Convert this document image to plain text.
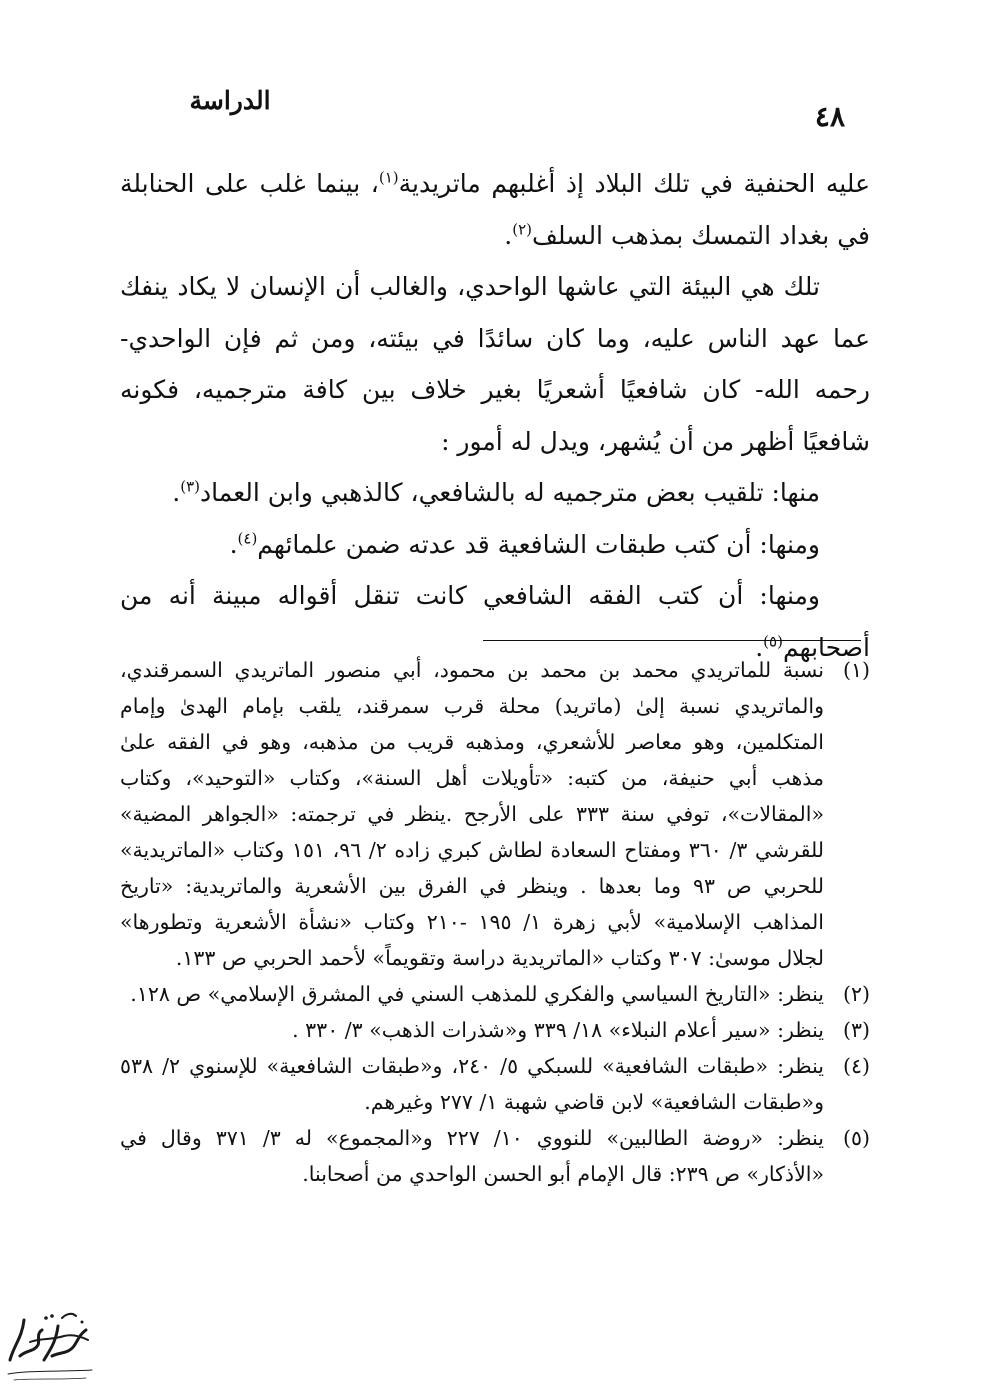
الدراسة	٤٨

عليه الحنفية في تلك البلاد إذ أغلبهم ماتريدية$^{(١)}$، بينما غلب على الحنابلة في بغداد التمسك بمذهب السلف$^{(٢)}$.

تلك هي البيئة التي عاشها الواحدي، والغالب أن الإنسان لا يكاد ينفك عما عهد الناس عليه، وما كان سائدًا في بيئته، ومن ثم فإن الواحدي- رحمه الله- كان شافعيًا أشعريًا بغير خلاف بين كافة مترجميه، فكونه شافعيًا أظهر من أن يُشهر، ويدل له أمور :

منها: تلقيب بعض مترجميه له بالشافعي، كالذهبي وابن العماد$^{(٣)}$.

ومنها: أن كتب طبقات الشافعية قد عدته ضمن علمائهم$^{(٤)}$.

ومنها: أن كتب الفقه الشافعي كانت تنقل أقواله مبينة أنه من أصحابهم$^{(٥)}$.

(١)نسبة للماتريدي محمد بن محمد بن محمود، أبي منصور الماتريدي السمرقندي، والماتريدي نسبة إلىٰ (ماتريد) محلة قرب سمرقند، يلقب بإمام الهدىٰ وإمام المتكلمين، وهو معاصر للأشعري، ومذهبه قريب من مذهبه، وهو في الفقه علىٰ مذهب أبي حنيفة، من كتبه: «تأويلات أهل السنة»، وكتاب «التوحيد»، وكتاب «المقالات»، توفي سنة ٣٣٣ على الأرجح .ينظر في ترجمته: «الجواهر المضية» للقرشي ٣/ ٣٦٠ ومفتاح السعادة لطاش كبري زاده ٢/ ٩٦، ١٥١ وكتاب «الماتريدية» للحربي ص ٩٣ وما بعدها . وينظر في الفرق بين الأشعرية والماتريدية: «تاريخ المذاهب الإسلامية» لأبي زهرة ١/ ١٩٥ -٢١٠ وكتاب «نشأة الأشعرية وتطورها» لجلال موسىٰ: ٣٠٧ وكتاب «الماتريدية دراسة وتقويماً» لأحمد الحربي ص ١٣٣.

(٢)ينظر: «التاريخ السياسي والفكري للمذهب السني في المشرق الإسلامي» ص ١٢٨.

(٣)ينظر: «سير أعلام النبلاء» ١٨/ ٣٣٩ و«شذرات الذهب» ٣/ ٣٣٠ .

(٤)ينظر: «طبقات الشافعية» للسبكي ٥/ ٢٤٠، و«طبقات الشافعية» للإسنوي ٢/ ٥٣٨ و«طبقات الشافعية» لابن قاضي شهبة ١/ ٢٧٧ وغيرهم.

(٥)ينظر: «روضة الطالبين» للنووي ١٠/ ٢٢٧ و«المجموع» له ٣/ ٣٧١ وقال في «الأذكار» ص ٢٣٩: قال الإمام أبو الحسن الواحدي من أصحابنا.
